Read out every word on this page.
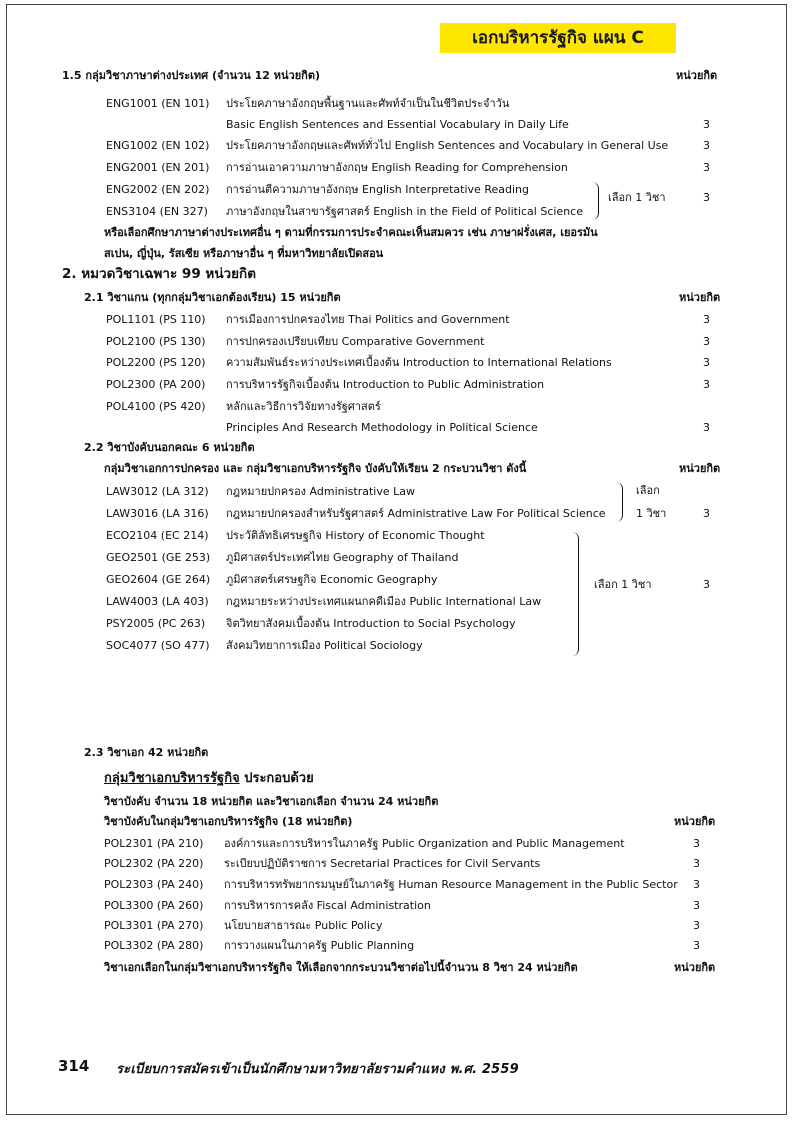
เอกบริหารรัฐกิจ แผน C
1.5 กลุ่มวิชาภาษาต่างประเทศ (จำนวน 12 หน่วยกิต)	หน่วยกิต
ENG1001 (EN 101) ประโยคภาษาอังกฤษพื้นฐานและศัพท์จำเป็นในชีวิตประจำวัน
Basic English Sentences and Essential Vocabulary in Daily Life	3
ENG1002 (EN 102) ประโยคภาษาอังกฤษและศัพท์ทั่วไป English Sentences and Vocabulary in General Use	3
ENG2001 (EN 201) การอ่านเอาความภาษาอังกฤษ English Reading for Comprehension	3
ENG2002 (EN 202) การอ่านตีความภาษาอังกฤษ English Interpretative Reading
ENS3104 (EN 327) ภาษาอังกฤษในสาขารัฐศาสตร์ English in the Field of Political Science
เลือก 1 วิชา	3
หรือเลือกศึกษาภาษาต่างประเทศอื่น ๆ ตามที่กรรมการประจำคณะเห็นสมควร เช่น ภาษาฝรั่งเศส, เยอรมัน
สเปน, ญี่ปุ่น, รัสเซีย หรือภาษาอื่น ๆ ที่มหาวิทยาลัยเปิดสอน
2. หมวดวิชาเฉพาะ 99 หน่วยกิต
2.1 วิชาแกน (ทุกกลุ่มวิชาเอกต้องเรียน) 15 หน่วยกิต	หน่วยกิต
POL1101 (PS 110) การเมืองการปกครองไทย Thai Politics and Government	3
POL2100 (PS 130) การปกครองเปรียบเทียบ Comparative Government	3
POL2200 (PS 120) ความสัมพันธ์ระหว่างประเทศเบื้องต้น Introduction to International Relations	3
POL2300 (PA 200) การบริหารรัฐกิจเบื้องต้น Introduction to Public Administration	3
POL4100 (PS 420) หลักและวิธีการวิจัยทางรัฐศาสตร์
Principles And Research Methodology in Political Science	3
2.2 วิชาบังคับนอกคณะ 6 หน่วยกิต
กลุ่มวิชาเอกการปกครอง และ กลุ่มวิชาเอกบริหารรัฐกิจ บังคับให้เรียน 2 กระบวนวิชา ดังนี้	หน่วยกิต
LAW3012 (LA 312) กฎหมายปกครอง Administrative Law
LAW3016 (LA 316) กฎหมายปกครองสำหรับรัฐศาสตร์ Administrative Law For Political Science
เลือก
1 วิชา	3
ECO2104 (EC 214) ประวัติลัทธิเศรษฐกิจ History of Economic Thought
GEO2501 (GE 253) ภูมิศาสตร์ประเทศไทย Geography of Thailand
GEO2604 (GE 264) ภูมิศาสตร์เศรษฐกิจ Economic Geography
LAW4003 (LA 403) กฎหมายระหว่างประเทศแผนกคดีเมือง Public International Law
PSY2005 (PC 263) จิตวิทยาสังคมเบื้องต้น Introduction to Social Psychology
SOC4077 (SO 477) สังคมวิทยาการเมือง Political Sociology
เลือก 1 วิชา	3
2.3 วิชาเอก 42 หน่วยกิต
กลุ่มวิชาเอกบริหารรัฐกิจ ประกอบด้วย
วิชาบังคับ จำนวน 18 หน่วยกิต และวิชาเอกเลือก จำนวน 24 หน่วยกิต
วิชาบังคับในกลุ่มวิชาเอกบริหารรัฐกิจ (18 หน่วยกิต)	หน่วยกิต
POL2301 (PA 210) องค์การและการบริหารในภาครัฐ Public Organization and Public Management	3
POL2302 (PA 220) ระเบียบปฏิบัติราชการ Secretarial Practices for Civil Servants	3
POL2303 (PA 240) การบริหารทรัพยากรมนุษย์ในภาครัฐ Human Resource Management in the Public Sector 3
POL3300 (PA 260) การบริหารการคลัง Fiscal Administration	3
POL3301 (PA 270) นโยบายสาธารณะ Public Policy	3
POL3302 (PA 280) การวางแผนในภาครัฐ Public Planning	3
วิชาเอกเลือกในกลุ่มวิชาเอกบริหารรัฐกิจ ให้เลือกจากกระบวนวิชาต่อไปนี้จำนวน 8 วิชา 24 หน่วยกิต	หน่วยกิต
314 ระเบียบการสมัครเข้าเป็นนักศึกษามหาวิทยาลัยรามคำแหง พ.ศ. 2559
